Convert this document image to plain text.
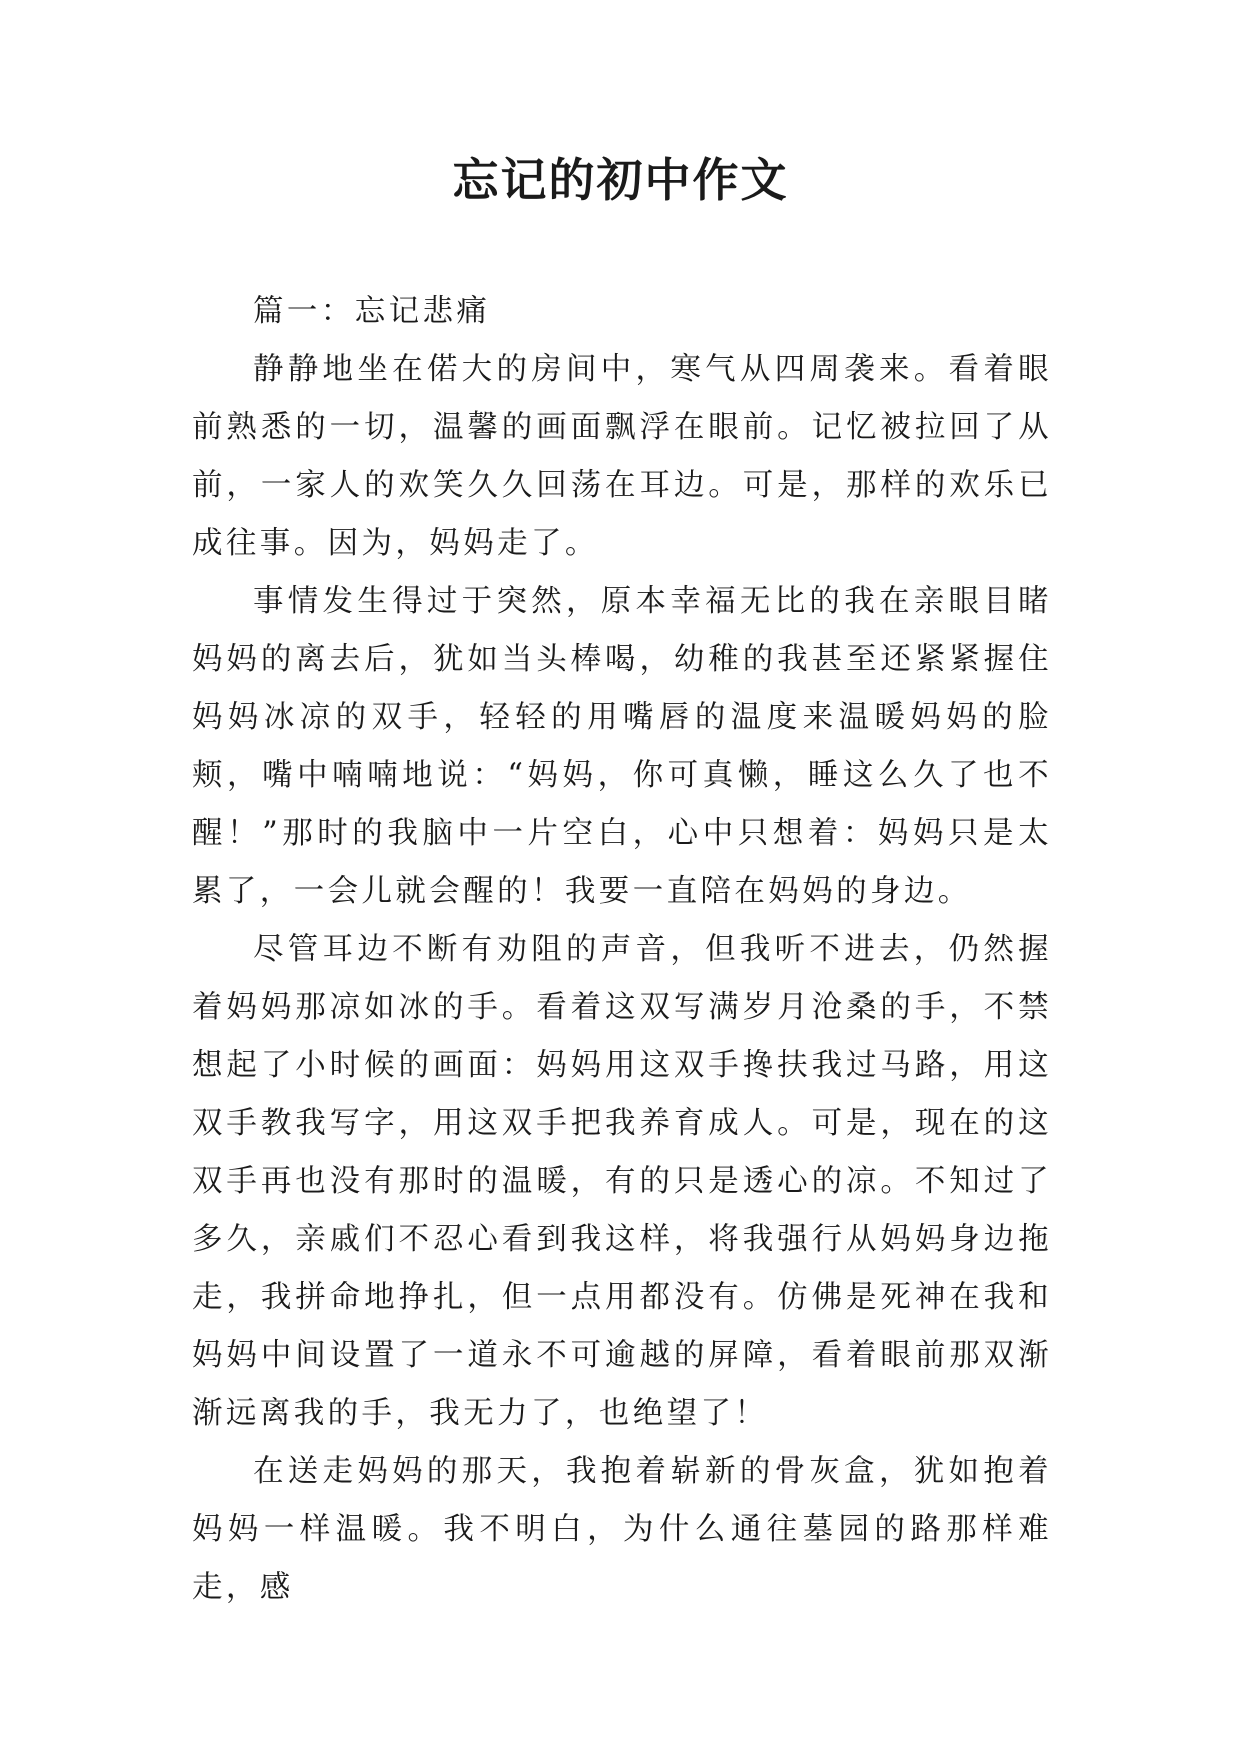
忘记的初中作文

篇一：忘记悲痛

静静地坐在偌大的房间中，寒气从四周袭来。看着眼前熟悉的一切，温馨的画面飘浮在眼前。记忆被拉回了从前，一家人的欢笑久久回荡在耳边。可是，那样的欢乐已成往事。因为，妈妈走了。

事情发生得过于突然，原本幸福无比的我在亲眼目睹妈妈的离去后，犹如当头棒喝，幼稚的我甚至还紧紧握住妈妈冰凉的双手，轻轻的用嘴唇的温度来温暖妈妈的脸颊，嘴中喃喃地说：“妈妈，你可真懒，睡这么久了也不醒！”那时的我脑中一片空白，心中只想着：妈妈只是太累了，一会儿就会醒的！我要一直陪在妈妈的身边。

尽管耳边不断有劝阻的声音，但我听不进去，仍然握着妈妈那凉如冰的手。看着这双写满岁月沧桑的手，不禁想起了小时候的画面：妈妈用这双手搀扶我过马路，用这双手教我写字，用这双手把我养育成人。可是，现在的这双手再也没有那时的温暖，有的只是透心的凉。不知过了多久，亲戚们不忍心看到我这样，将我强行从妈妈身边拖走，我拼命地挣扎，但一点用都没有。仿佛是死神在我和妈妈中间设置了一道永不可逾越的屏障，看着眼前那双渐渐远离我的手，我无力了，也绝望了！

在送走妈妈的那天，我抱着崭新的骨灰盒，犹如抱着妈妈一样温暖。我不明白，为什么通往墓园的路那样难走，感
